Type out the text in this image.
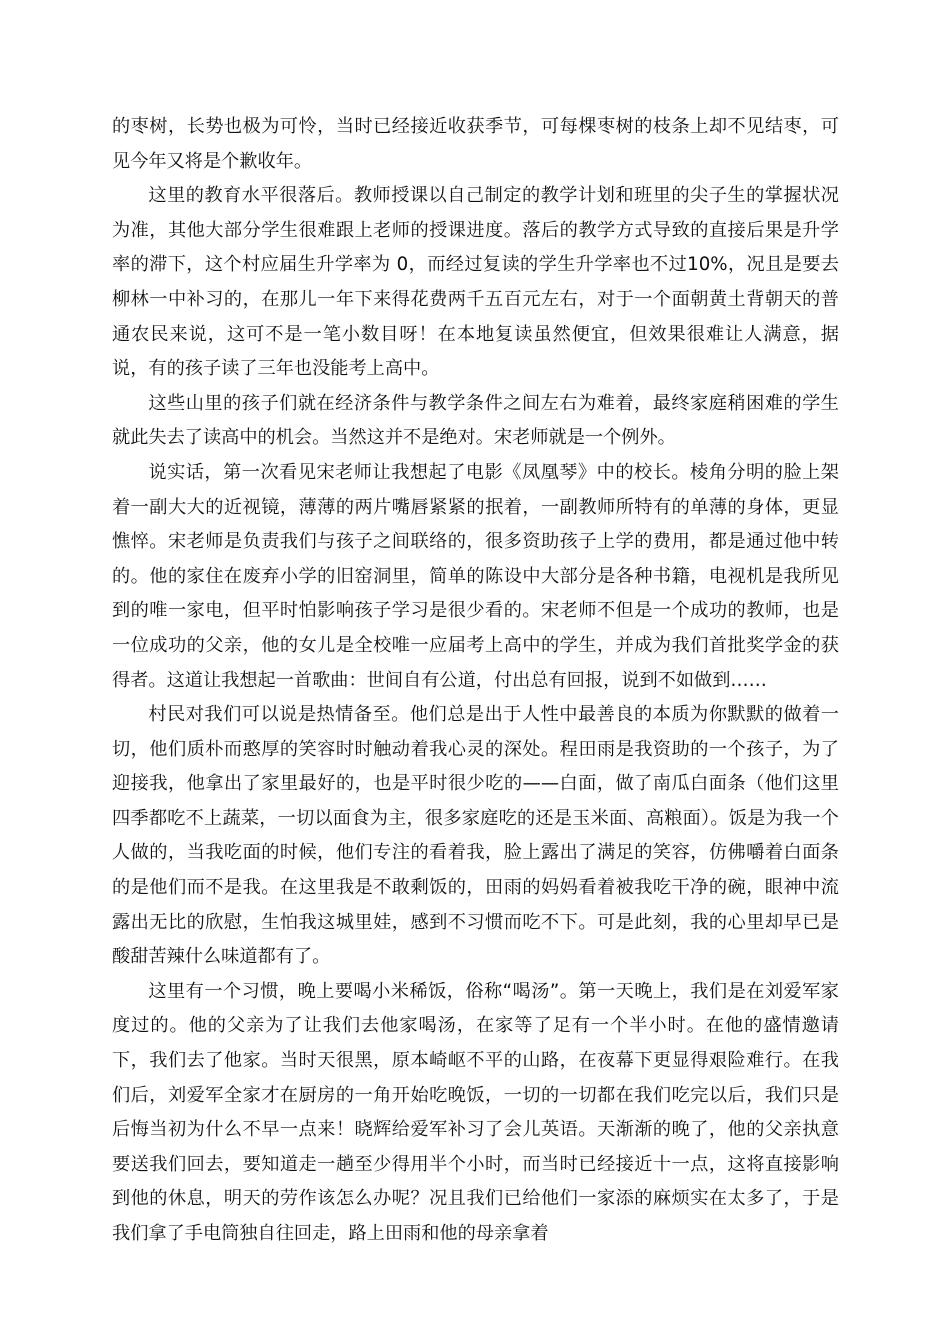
的枣树，长势也极为可怜，当时已经接近收获季节，可每棵枣树的枝条上却不见结枣，可见今年又将是个歉收年。

这里的教育水平很落后。教师授课以自己制定的教学计划和班里的尖子生的掌握状况为准，其他大部分学生很难跟上老师的授课进度。落后的教学方式导致的直接后果是升学率的滞下，这个村应届生升学率为 0，而经过复读的学生升学率也不过10%，况且是要去柳林一中补习的，在那儿一年下来得花费两千五百元左右，对于一个面朝黄土背朝天的普通农民来说，这可不是一笔小数目呀！在本地复读虽然便宜，但效果很难让人满意，据说，有的孩子读了三年也没能考上高中。

这些山里的孩子们就在经济条件与教学条件之间左右为难着，最终家庭稍困难的学生就此失去了读高中的机会。当然这并不是绝对。宋老师就是一个例外。

说实话，第一次看见宋老师让我想起了电影《凤凰琴》中的校长。棱角分明的脸上架着一副大大的近视镜，薄薄的两片嘴唇紧紧的抿着，一副教师所特有的单薄的身体，更显憔悴。宋老师是负责我们与孩子之间联络的，很多资助孩子上学的费用，都是通过他中转的。他的家住在废弃小学的旧窑洞里，简单的陈设中大部分是各种书籍，电视机是我所见到的唯一家电，但平时怕影响孩子学习是很少看的。宋老师不但是一个成功的教师，也是一位成功的父亲，他的女儿是全校唯一应届考上高中的学生，并成为我们首批奖学金的获得者。这道让我想起一首歌曲：世间自有公道，付出总有回报，说到不如做到……

村民对我们可以说是热情备至。他们总是出于人性中最善良的本质为你默默的做着一切，他们质朴而憨厚的笑容时时触动着我心灵的深处。程田雨是我资助的一个孩子，为了迎接我，他拿出了家里最好的，也是平时很少吃的——白面，做了南瓜白面条（他们这里四季都吃不上蔬菜，一切以面食为主，很多家庭吃的还是玉米面、高粮面）。饭是为我一个人做的，当我吃面的时候，他们专注的看着我，脸上露出了满足的笑容，仿佛嚼着白面条的是他们而不是我。在这里我是不敢剩饭的，田雨的妈妈看着被我吃干净的碗，眼神中流露出无比的欣慰，生怕我这城里娃，感到不习惯而吃不下。可是此刻，我的心里却早已是酸甜苦辣什么味道都有了。

这里有一个习惯，晚上要喝小米稀饭，俗称“喝汤”。第一天晚上，我们是在刘爱军家度过的。他的父亲为了让我们去他家喝汤，在家等了足有一个半小时。在他的盛情邀请下，我们去了他家。当时天很黑，原本崎岖不平的山路，在夜幕下更显得艰险难行。在我们后，刘爱军全家才在厨房的一角开始吃晚饭，一切的一切都在我们吃完以后，我们只是后悔当初为什么不早一点来！晓辉给爱军补习了会儿英语。天渐渐的晚了，他的父亲执意要送我们回去，要知道走一趟至少得用半个小时，而当时已经接近十一点，这将直接影响到他的休息，明天的劳作该怎么办呢？况且我们已给他们一家添的麻烦实在太多了，于是我们拿了手电筒独自往回走，路上田雨和他的母亲拿着
